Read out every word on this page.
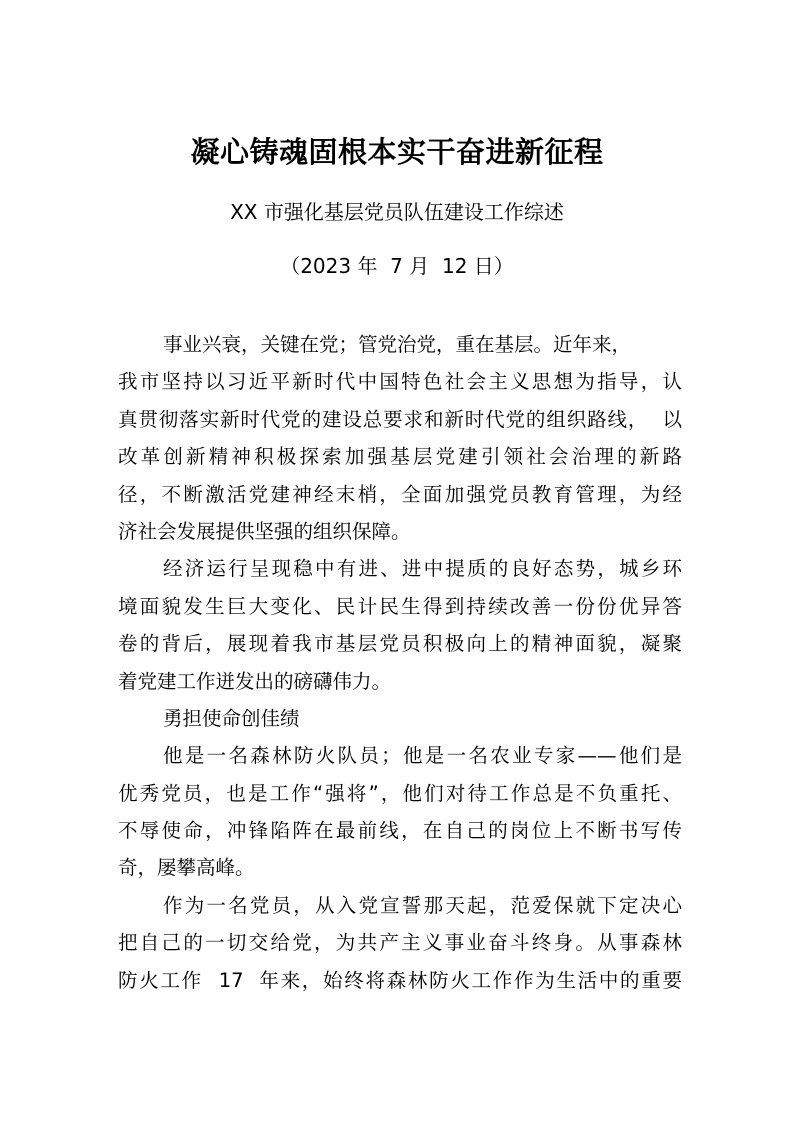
凝心铸魂固根本实干奋进新征程
XX 市强化基层党员队伍建设工作综述
（2023 年  7 月  12 日）
事业兴衰，关键在党；管党治党，重在基层。近年来，
我市坚持以习近平新时代中国特色社会主义思想为指导，认
真贯彻落实新时代党的建设总要求和新时代党的组织路线，  以
改革创新精神积极探索加强基层党建引领社会治理的新路
径，不断激活党建神经末梢，全面加强党员教育管理，为经
济社会发展提供坚强的组织保障。
经济运行呈现稳中有进、进中提质的良好态势，城乡环
境面貌发生巨大变化、民计民生得到持续改善一份份优异答
卷的背后，展现着我市基层党员积极向上的精神面貌，凝聚
着党建工作迸发出的磅礴伟力。
勇担使命创佳绩
他是一名森林防火队员；他是一名农业专家——他们是
优秀党员，也是工作“强将”，他们对待工作总是不负重托、
不辱使命，冲锋陷阵在最前线，在自己的岗位上不断书写传
奇，屡攀高峰。
作为一名党员，从入党宣誓那天起，范爱保就下定决心
把自己的一切交给党，为共产主义事业奋斗终身。从事森林
防火工作  17  年来，始终将森林防火工作作为生活中的重要
